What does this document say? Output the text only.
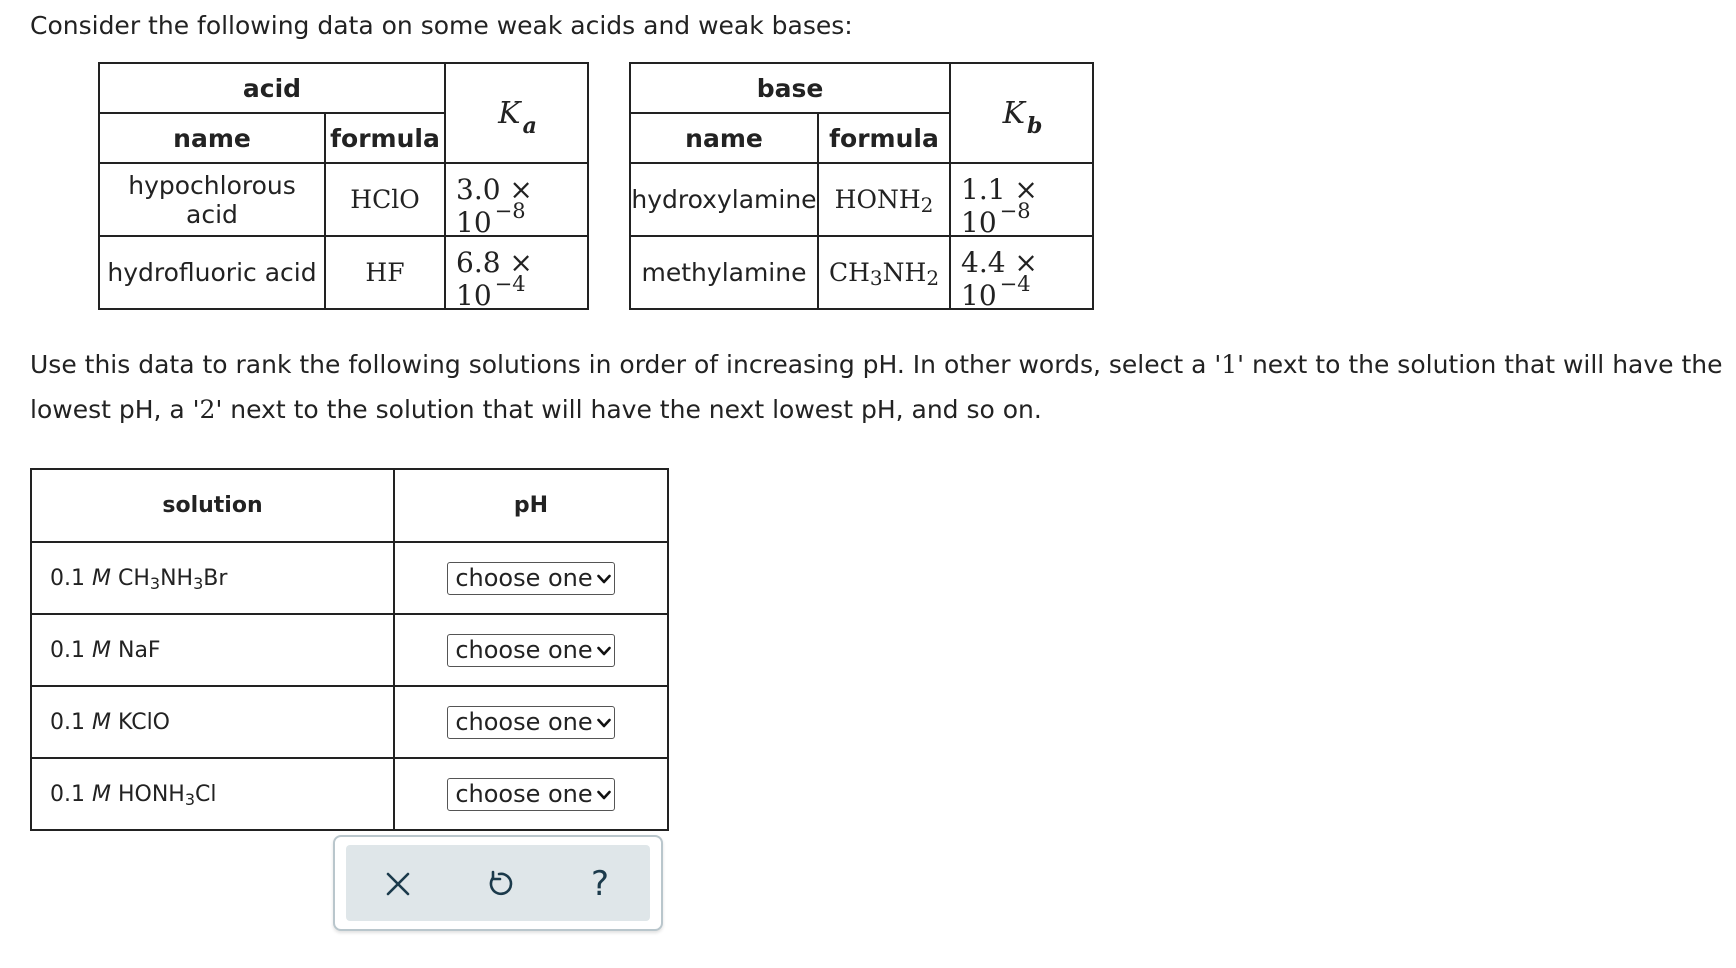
Consider the following data on some weak acids and weak bases:
acid		Ka
name	formula	
hypochlorous acid	HClO	3.0 × 10 $^{-8}$
hydrofluoric acid	HF	6.8 × 10 $^{-4}$
base		Kb
name	formula	
hydroxylamine	$HONH_2$	1.1 × 10 $^{-8}$
methylamine	$CH_3NH_2$	4.4 × 10 $^{-4}$
Use this data to rank the following solutions in order of increasing pH. In other words, select a '1' next to the solution that will have the lowest pH, a '2' next to the solution that will have the next lowest pH, and so on.
solution	pH
0.1 M $CH_3NH_3Br$	choose one
0.1 M NaF	choose one
0.1 M KClO	choose one
0.1 M $HONH_3Cl$	choose one
?
